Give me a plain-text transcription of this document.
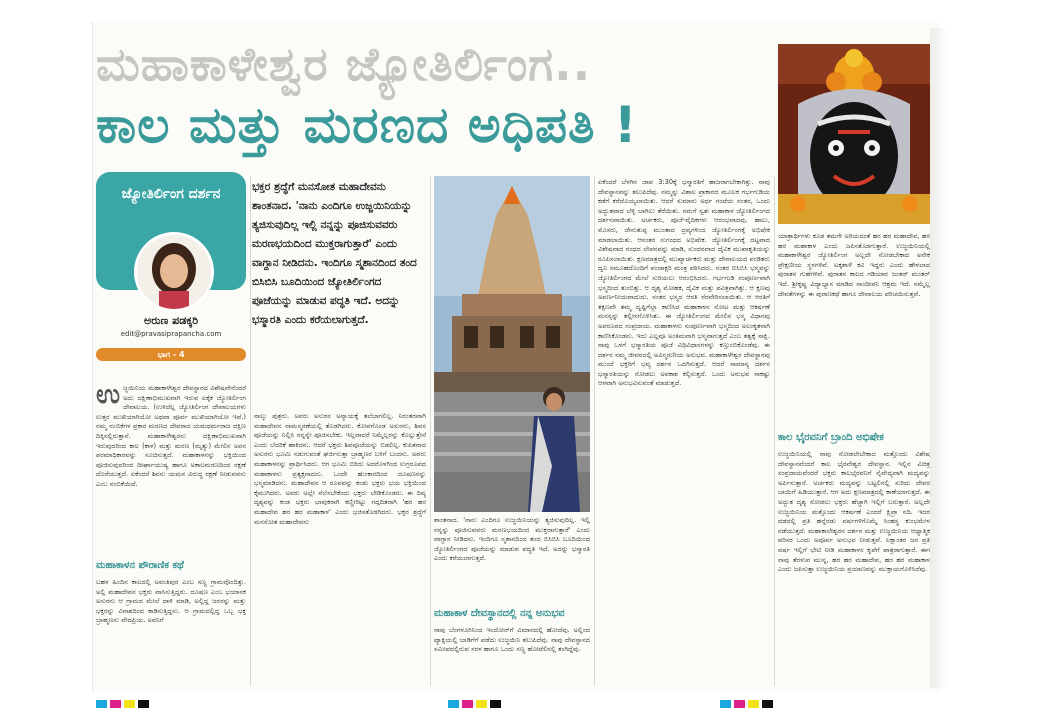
ಮಹಾಕಾಳೇಶ್ವರ ಜ್ಯೋತಿರ್ಲಿಂಗ..
ಕಾಲ ಮತ್ತು ಮರಣದ ಅಧಿಪತಿ !
ಜ್ಯೋತಿರ್ಲಿಂಗ ದರ್ಶನ
ಅರುಣ ಪಡಕ್ಕರಿ
edit@pravasiprapancha.com
ಭಾಗ - 4
ಭಕ್ತರ ಶ್ರದ್ಧೆಗೆ ಮನಸೋತ ಮಹಾದೇವನು ಶಾಂತನಾದ. 'ನಾನು ಎಂದಿಗೂ ಉಜ್ಜಯಿನಿಯನ್ನು ತ್ಯಜಿಸುವುದಿಲ್ಲ ಇಲ್ಲಿ ನನ್ನನ್ನು ಪೂಜಿಸುವವರು ಮರಣಭಯದಿಂದ ಮುಕ್ತರಾಗುತ್ತಾರೆ' ಎಂದು ವಾಗ್ದಾನ ನೀಡಿದನು. ಇಂದಿಗೂ ಸ್ಮಶಾನದಿಂದ ತಂದ ಬಿಸಿಬಿಸಿ ಬೂದಿಯಿಂದ ಜ್ಯೋತಿರ್ಲಿಂಗದ ಪೂಜೆಯನ್ನು ಮಾಡುವ ಪದ್ಧತಿ ಇದೆ. ಅದನ್ನು ಭಸ್ಮಾರತಿ ಎಂದು ಕರೆಯಲಾಗುತ್ತದೆ.
ಉಜ್ಜಯಿನಿಯ ಮಹಾಕಾಳೇಶ್ವರ ದೇವಸ್ಥಾನದ ವಿಶೇಷವೇನೆಂದರೆ ಅದು ದಕ್ಷಿಣಾಭಿಮುಖವಾಗಿ ಇರುವ ಏಕೈಕ ಜ್ಯೋತಿರ್ಲಿಂಗ ದೇವಾಲಯ. (ಉಳಿದೆಲ್ಲ ಜ್ಯೋತಿರ್ಲಿಂಗ ದೇವಾಲಯಗಳು ಉತ್ತರ ಮುಖಿಯಾಗಿಯೋ ಅಥವಾ ಪೂರ್ವ ಮುಖಿಯಾಗಿಯೋ ಇವೆ.) ನಮ್ಮ ನಂಬಿಕೆಗಳ ಪ್ರಕಾರ ಮರಣದ ದೇವರಾದ ಯಮಧರ್ಮರಾಜ ದಕ್ಷಿಣ ದಿಕ್ಕಿನಲ್ಲಿರುತ್ತಾನೆ. ಮಹಾಕಾಳೇಶ್ವರನು ದಕ್ಷಿಣಾಭಿಮುಖವಾಗಿ ಇರುವುದರಿಂದ ಕಾಲ (ಕಾಳ) ಮತ್ತು ಮರಣ (ಮೃತ್ಯು) ಮೇಲಿನ ಅವನ ಪರಮಾಧಿಕಾರವನ್ನು ಸೂಚಿಸುತ್ತದೆ. ಮಹಾಕಾಳನನ್ನು ಭಕ್ತಿಯಿಂದ ಪೂಜಿಸುವುದರಿಂದ ದೀರ್ಘಾಯುಷ್ಯ ಹಾಗೂ ಅಕಾಲಮರಣದಿಂದ ರಕ್ಷಣೆ ದೊರೆಯುತ್ತದೆ. ಏಕೆಂದರೆ ಶಿವನು ಯಮನ ವಿರುದ್ಧ ರಕ್ಷಣೆ ನೀಡುವವನು ಎಂಬ ನಂಬಿಕೆಯಿದೆ.
ಮಹಾಕಾಳನ ಪೌರಾಣಿಕ ಕಥೆ
ಬಹಳ ಹಿಂದಿನ ಕಾಲದಲ್ಲಿ ಅವಂತಿಪುರ ಎಂಬ ಸಣ್ಣ ಗ್ರಾಮವೊಂದಿತ್ತು. ಅಲ್ಲಿ ಮಹಾದೇವನ ಭಕ್ತರು ವಾಸಿಸುತ್ತಿದ್ದರು. ದೂಷಣ ಎಂಬ ಭಯಾನಕ ಅಸುರನು ಆ ಗ್ರಾಮದ ಮೇಲೆ ದಾಳಿ ಮಾಡಿ, ಅಲ್ಲಿದ್ದ ಜನರನ್ನು ಮತ್ತು ಭಕ್ತರನ್ನು ವಿನಾಶದಿಂದ ಕಾಡಿಸುತ್ತಿದ್ದನು. ಆ ಗ್ರಾಮದಲ್ಲಿದ್ದ ಒಬ್ಬ ಭಕ್ತ ಬ್ರಾಹ್ಮಣನು ವೇದಪ್ರಿಯ. ಅವನಿಗೆ
ನಾಲ್ಕು ಪುತ್ರರು. ಅವರು ಅಸುರನ ಅನ್ಯಾಯಕ್ಕೆ ತಲೆಬಾಗಲಿಲ್ಲ. ನಿರಂತರವಾಗಿ ಮಹಾದೇವನ ನಾಮಸ್ಮರಣೆಯಲ್ಲಿ ತೊಡಗಿದರು. ಕೋಪಗೊಂಡ ಅಸುರನು, ಶಿವನ ಪೂಜೆಯನ್ನು ನಿಲ್ಲಿಸಿ ನನ್ನನ್ನೇ ಪೂಜಿಸಬೇಕು. ಇಲ್ಲವಾದರೆ ನಿಮ್ಮೆಲ್ಲರನ್ನು ಕೊಲ್ಲುತ್ತೇನೆ ಎಂದು ಬೆದರಿಕೆ ಹಾಕಿದನು. ಆದರೆ ಭಕ್ತರು ಶಿವಪೂಜೆಯನ್ನು ಬಿಡಲಿಲ್ಲ. ಕುಪಿತನಾದ ಅಸುರನು ಭೂಮಿ ನಡುಗುವಂತೆ ಘರ್ಜಿಸುತ್ತಾ ಬ್ರಾಹ್ಮಣರ ಬಳಿಗೆ ಬಂದನು. ಅವರು ಮಹಾಕಾಳನನ್ನು ಪ್ರಾರ್ಥಿಸಿದರು. ಆಗ ಭೂಮಿ ಬಿರಿದು ಅದರೊಳಗಿಂದ ಉಗ್ರರೂಪದ ಮಹಾಕಾಳನು ಪ್ರತ್ಯಕ್ಷನಾದನು. ಒಂದೇ ಹುಂಕಾರದಿಂದ ದೂಷಣನನ್ನು ಭಸ್ಮಮಾಡಿದನು. ಮಹಾದೇವನ ಆ ರೂಪವನ್ನು ಕಂಡು ಭಕ್ತರು ಭಯ ಭಕ್ತಿಯಿಂದ ಕೈಮುಗಿದರು. ಅವರು ಅಲ್ಲೇ ನೆಲೆಸಬೇಕೆಂದು ಭಕ್ತರು ಬೇಡಿಕೊಂಡರು. ಈ ದಿವ್ಯ ದೃಶ್ಯವನ್ನು ಕಂಡ ಭಕ್ತರು ಭಾವುಕರಾಗಿ ಕಣ್ಣೀರಿಟ್ಟು ಗದ್ಗದಿತರಾಗಿ 'ಹರ ಹರ ಮಹಾದೇವ ಹರ ಹರ ಮಹಾಕಾಳ' ಎಂದು ಭಜಿಸತೊಡಗಿದರು. ಭಕ್ತರ ಶ್ರದ್ಧೆಗೆ ಮನಸೋತ ಮಹಾದೇವನು	ಶಾಂತನಾದ. 'ನಾನು ಎಂದಿಗೂ ಉಜ್ಜಯಿನಿಯನ್ನು ತ್ಯಜಿಸುವುದಿಲ್ಲ. ಇಲ್ಲಿ ನನ್ನನ್ನು ಪೂಜಿಸುವವರು ಮರಣಭಯದಿಂದ ಮುಕ್ತರಾಗುತ್ತಾರೆ' ಎಂದು ವಾಗ್ದಾನ ನೀಡಿದನು. ಇಂದಿಗೂ ಸ್ಮಶಾನದಿಂದ ತಂದ ಬಿಸಿಬಿಸಿ ಬೂದಿಯಿಂದ ಜ್ಯೋತಿರ್ಲಿಂಗದ ಪೂಜೆಯನ್ನು ಮಾಡುವ ಪದ್ಧತಿ ಇದೆ. ಅದನ್ನು ಭಸ್ಮಾರತಿ ಎಂದು ಕರೆಯಲಾಗುತ್ತದೆ.
ಮಹಾಕಾಳ ದೇವಸ್ಥಾನದಲ್ಲಿ ನನ್ನ ಅನುಭವ
ನಾವು ಬೆಂಗಳೂರಿನಿಂದ ಇಂದೋರ್‌ಗೆ ವಿಮಾನದಲ್ಲಿ ಹೋದೆವು. ಅಲ್ಲಿಂದ ಟ್ಯಾಕ್ಸಿಯಲ್ಲಿ ಬಾಡಿಗೆಗೆ ಪಡೆದು ಉಜ್ಜಯಿನಿ ತಲುಪಿದೆವು. ನಾವು ದೇವಸ್ಥಾನದ ಸಮೀಪದಲ್ಲಿರುವ ಸರಳ ಹಾಗೂ ಒಂದು ಸಣ್ಣ ಹೋಟೆಲಿನಲ್ಲಿ ತಂಗಿದ್ದೆವು.
ಏಕೆಂದರೆ ಬೆಳಗಿನ ಜಾವ 3:30ಕ್ಕೆ ಭಸ್ಮಾರತಿಗೆ ಹಾಜರಾಗಬೇಕಾಗಿತ್ತು. ನಾವು ದೇವಸ್ಥಾನವನ್ನು ತಲುಪಿದೆವು. ನಮ್ಮನ್ನು ವಿಶಾಲ ಪ್ರಾಕಾರದ ಮೂಲಕ ಗರ್ಭಗುಡಿಯ ಕಡೆಗೆ ಕರೆದೊಯ್ಯಲಾಯಿತು. ಆದರೆ ಸುಮಾರು ಅರ್ಧ ಗಂಟೆಯ ನಂತರ, ಒಂದು ಅದ್ಭುತವಾದ ಬೆಳ್ಳಿ ಬಾಗಿಲು ತೆರೆಯಿತು. ನಮಗೆ ಸ್ವತಃ ಮಹಾಕಾಳ ಜ್ಯೋತಿರ್ಲಿಂಗದ ದರ್ಶನವಾಯಿತು. ಅರ್ಚಕರು, ಪೂಜೆ-ವೈದಿಕಗಳು ಆರಂಭವಾದವು. ಹಾಲು, ಮೊಸರು, ಜೇನುತುಪ್ಪ ಮುಂತಾದ ದ್ರವ್ಯಗಳಿಂದ ಜ್ಯೋತಿರ್ಲಿಂಗಕ್ಕೆ ಅಭಿಷೇಕ ಮಾಡಲಾಯಿತು. ಆನಂತರ ಸುಗಂಧದ ಅಭಿಷೇಕ. ಜ್ಯೋತಿರ್ಲಿಂಗಕ್ಕೆ ದಟ್ಟವಾದ ವಿಶೇಷವಾದ ಗಂಧದ ಲೇಪನವನ್ನು ಮಾಡಿ, ಸುಂದರವಾದ ದೈವಿಕ ಮುಖಾಕೃತಿಯನ್ನು ರೂಪಿಸಲಾಯಿತು. ಕ್ಷಣಮಾತ್ರದಲ್ಲಿ ಮುಖ್ಯಾರ್ಚಕರು ಮತ್ತು ದೇವಾಲಯದ ಪಂಡಿತರು ದ್ವನಿ ಸಮೂಹದೊಂದಿಗೆ ಪಂಚಾಕ್ಷರಿ ಮಂತ್ರ ಪಠಿಸಿದರು. ನಂತರ ಬಿಸಿಬಿಸಿ ಭಸ್ಮವನ್ನು ಜ್ಯೋತಿರ್ಲಿಂಗದ ಮೇಲೆ ಸುರಿಯಲು ಆರಂಭಿಸಿದರು. ಗರ್ಭಗುಡಿ ಸಂಪೂರ್ಣವಾಗಿ ಭಸ್ಮದಿಂದ ತುಂಬಿತ್ತು. ಆ ದೃಶ್ಯ ಮೋಹಕ, ದೈವಿಕ ಮತ್ತು ಪವಿತ್ರವಾಗಿತ್ತು. ಆ ಕ್ಷಣವು ಅವರ್ಣನೀಯವಾದುದು. ನಂತರ ಭಸ್ಮದ ಆರತಿ ನೆರವೇರಿಸಲಾಯಿತು. ಆ ಆರತಿಗೆ ತಕ್ಷಣವೇ ತಮ್ಮ ದೃಷ್ಟಿಗೆಲ್ಲಾ ಕಾಣಿಸಿದ ಮಹಾಕಾಳನ ನೋಟ ಮತ್ತು ಆಕರ್ಷಣೆ ಮನಸ್ಸನ್ನು ತಲ್ಲೀನಗೊಳಿಸಿತು. ಈ ಜ್ಯೋತಿರ್ಲಿಂಗದ ಮೇಲಿನ ಭಸ್ಮ ವಿಧಾನವು ಅಪರೂಪದ ಸಂಪ್ರದಾಯ. ಮಹಾಕಾಳನು ಸಂಪೂರ್ಣವಾಗಿ ಭಸ್ಮದಿಂದ ಅಲಂಕೃತನಾಗಿ ಕಾಣಿಸಿಕೊಂಡನು. ಇದು ಎಲ್ಲವೂ ಅಂತಿಮವಾಗಿ ಭಸ್ಮವಾಗುತ್ತದೆ ಎಂಬ ತತ್ವಕ್ಕೆ ಸಾಕ್ಷಿ. ನಾವು ಒಳಗೆ ಭಸ್ಮಾರತಿಯ ಪೂಜೆ ವಿಧಿವಿಧಾನಗಳನ್ನು ಕಣ್ತುಂಬಿಕೊಂಡೆವು. ಈ ದರ್ಶನ ನಮ್ಮ ಜೀವನದಲ್ಲಿ ಅವಿಸ್ಮರಣೀಯ ಅನುಭವ. ಮಹಾಕಾಳೇಶ್ವರ ದೇವಸ್ಥಾನವು ಮುಂದೆ ಭಕ್ತರಿಗೆ ಭವ್ಯ ದರ್ಶನ ಒದಗಿಸುತ್ತದೆ. ಆದರೆ ಸಾಮಾನ್ಯ ದರ್ಶನ ಭಸ್ಮಾರತಿಯನ್ನು ನೋಡಲು ಅವಕಾಶ ಕಲ್ಪಿಸುತ್ತದೆ. ಒಂದು ಅನುಭವ ಸಾಕಷ್ಟು ಆಳವಾಗಿ ಅನುಭವಿಸುವಂತೆ ಮಾಡುತ್ತದೆ.
ಯಾತ್ರಾರ್ಥಿಗಳು ಕೂಡ ತಮಗೇ ಅರಿಯದಂತೆ ಹರ ಹರ ಮಹಾದೇವ, ಹರ ಹರ ಮಹಾಕಾಳ ಎಂದು ಜಪಿಸತೊಡಗುತ್ತಾರೆ. ಉಜ್ಜಯಿನಿಯಲ್ಲಿ ಮಹಾಕಾಳೇಶ್ವರ ಜ್ಯೋತಿರ್ಲಿಂಗ ಅಲ್ಲದೇ ನೋಡಬೇಕಾದ ಅನೇಕ ಪ್ರೇಕ್ಷಣೀಯ ಸ್ಥಳಗಳಿವೆ. ಟಕ್ಕಶಾಳೆ ಕವಿ ಇದ್ದರು ಎಂದು ಹೇಳಲಾದ ಪುರಾತನ ಗುಹೆಗಳಿವೆ. ಪುರಾತನ ಕಾಲದ ಗಡಿಯಾರ ಜಂತರ್ ಮಂತರ್ ಇದೆ. ಶ್ರೀಕೃಷ್ಣ ವಿದ್ಯಾಭ್ಯಾಸ ಮಾಡಿದ ಸಾಂದೀಪನಿ ಆಶ್ರಮ ಇದೆ. ನಮ್ಮೆಲ್ಲ ದೇವತೆಗಳನ್ನು ಈ ಪುರಾಣಕಥೆ ಹಾಗೂ ದೇವಾಲಯ ಪರಿಚಯಿಸುತ್ತವೆ.
ಕಾಲ ಭೈರವನಿಗೆ ಬ್ರಾಂದಿ ಅಭಿಷೇಕ
ಉಜ್ಜಯಿನಿಯಲ್ಲಿ ನಾವು ನೋಡಲೇಬೇಕಾದ ಮತ್ತೊಂದು ವಿಶೇಷ ದೇವಸ್ಥಾನವೆಂದರೆ ಕಾಲ ಭೈರವೇಶ್ವರ ದೇವಸ್ಥಾನ. ಇಲ್ಲಿನ ವಿಚಿತ್ರ ಸಂಪ್ರದಾಯವೆಂದರೆ ಭಕ್ತರು ಕಾಲಭೈರವನಿಗೆ ನೈವೇದ್ಯವಾಗಿ ಮದ್ಯವನ್ನು ಅರ್ಪಿಸುತ್ತಾರೆ. ಅರ್ಚಕರು ಮದ್ಯವನ್ನು ಬಟ್ಟಲಿನಲ್ಲಿ ಸುರಿದು ದೇವರ ಬಾಯಿಗೆ ಹಿಡಿಯುತ್ತಾರೆ. ಆಗ ಅದು ಕ್ಷಣಮಾತ್ರದಲ್ಲಿ ಕಾಣೆಯಾಗುತ್ತದೆ. ಈ ಅದ್ಭುತ ದೃಶ್ಯ ನೋಡಲು ಭಕ್ತರು ಹೆಚ್ಚಾಗಿ ಇಲ್ಲಿಗೆ ಬರುತ್ತಾರೆ. ಅಲ್ಲದೇ ಉಜ್ಜಯಿನಿಯ ಮತ್ತೊಂದು ಆಕರ್ಷಣೆ ಎಂದರೆ ಕ್ಷಿಪ್ರಾ ನದಿ. ಇದರ ದಡದಲ್ಲಿ ಪ್ರತಿ ಹನ್ನೆರಡು ವರ್ಷಗಳಿಗೊಮ್ಮೆ ಸಿಂಹಸ್ಥ ಕುಂಭಮೇಳ ನಡೆಯುತ್ತದೆ. ಮಹಾಕಾಲೇಶ್ವರನ ದರ್ಶನ ಮತ್ತು ಉಜ್ಜಯಿನಿಯ ಆಧ್ಯಾತ್ಮಿಕ ಪರಿಸರ ಒಂದು ಅಪೂರ್ವ ಅನುಭವ ನೀಡುತ್ತವೆ. ಲಕ್ಷಾಂತರ ಜನ ಪ್ರತಿ ವರ್ಷ ಇಲ್ಲಿಗೆ ಭೇಟಿ ನೀಡಿ ಮಹಾಕಾಳನ ಕೃಪೆಗೆ ಪಾತ್ರರಾಗುತ್ತಾರೆ. ಈಗ ನಾವು ತೆರಳುವ ಮುನ್ನ, ಹರ ಹರ ಮಹಾದೇವ, ಹರ ಹರ ಮಹಾಕಾಳ ಎಂದು ಜಪಿಸುತ್ತಾ ಉಜ್ಜಯಿನಿಯ ಪ್ರಯಾಣವನ್ನು ಮುಕ್ತಾಯಗೊಳಿಸಿದೆವು.
